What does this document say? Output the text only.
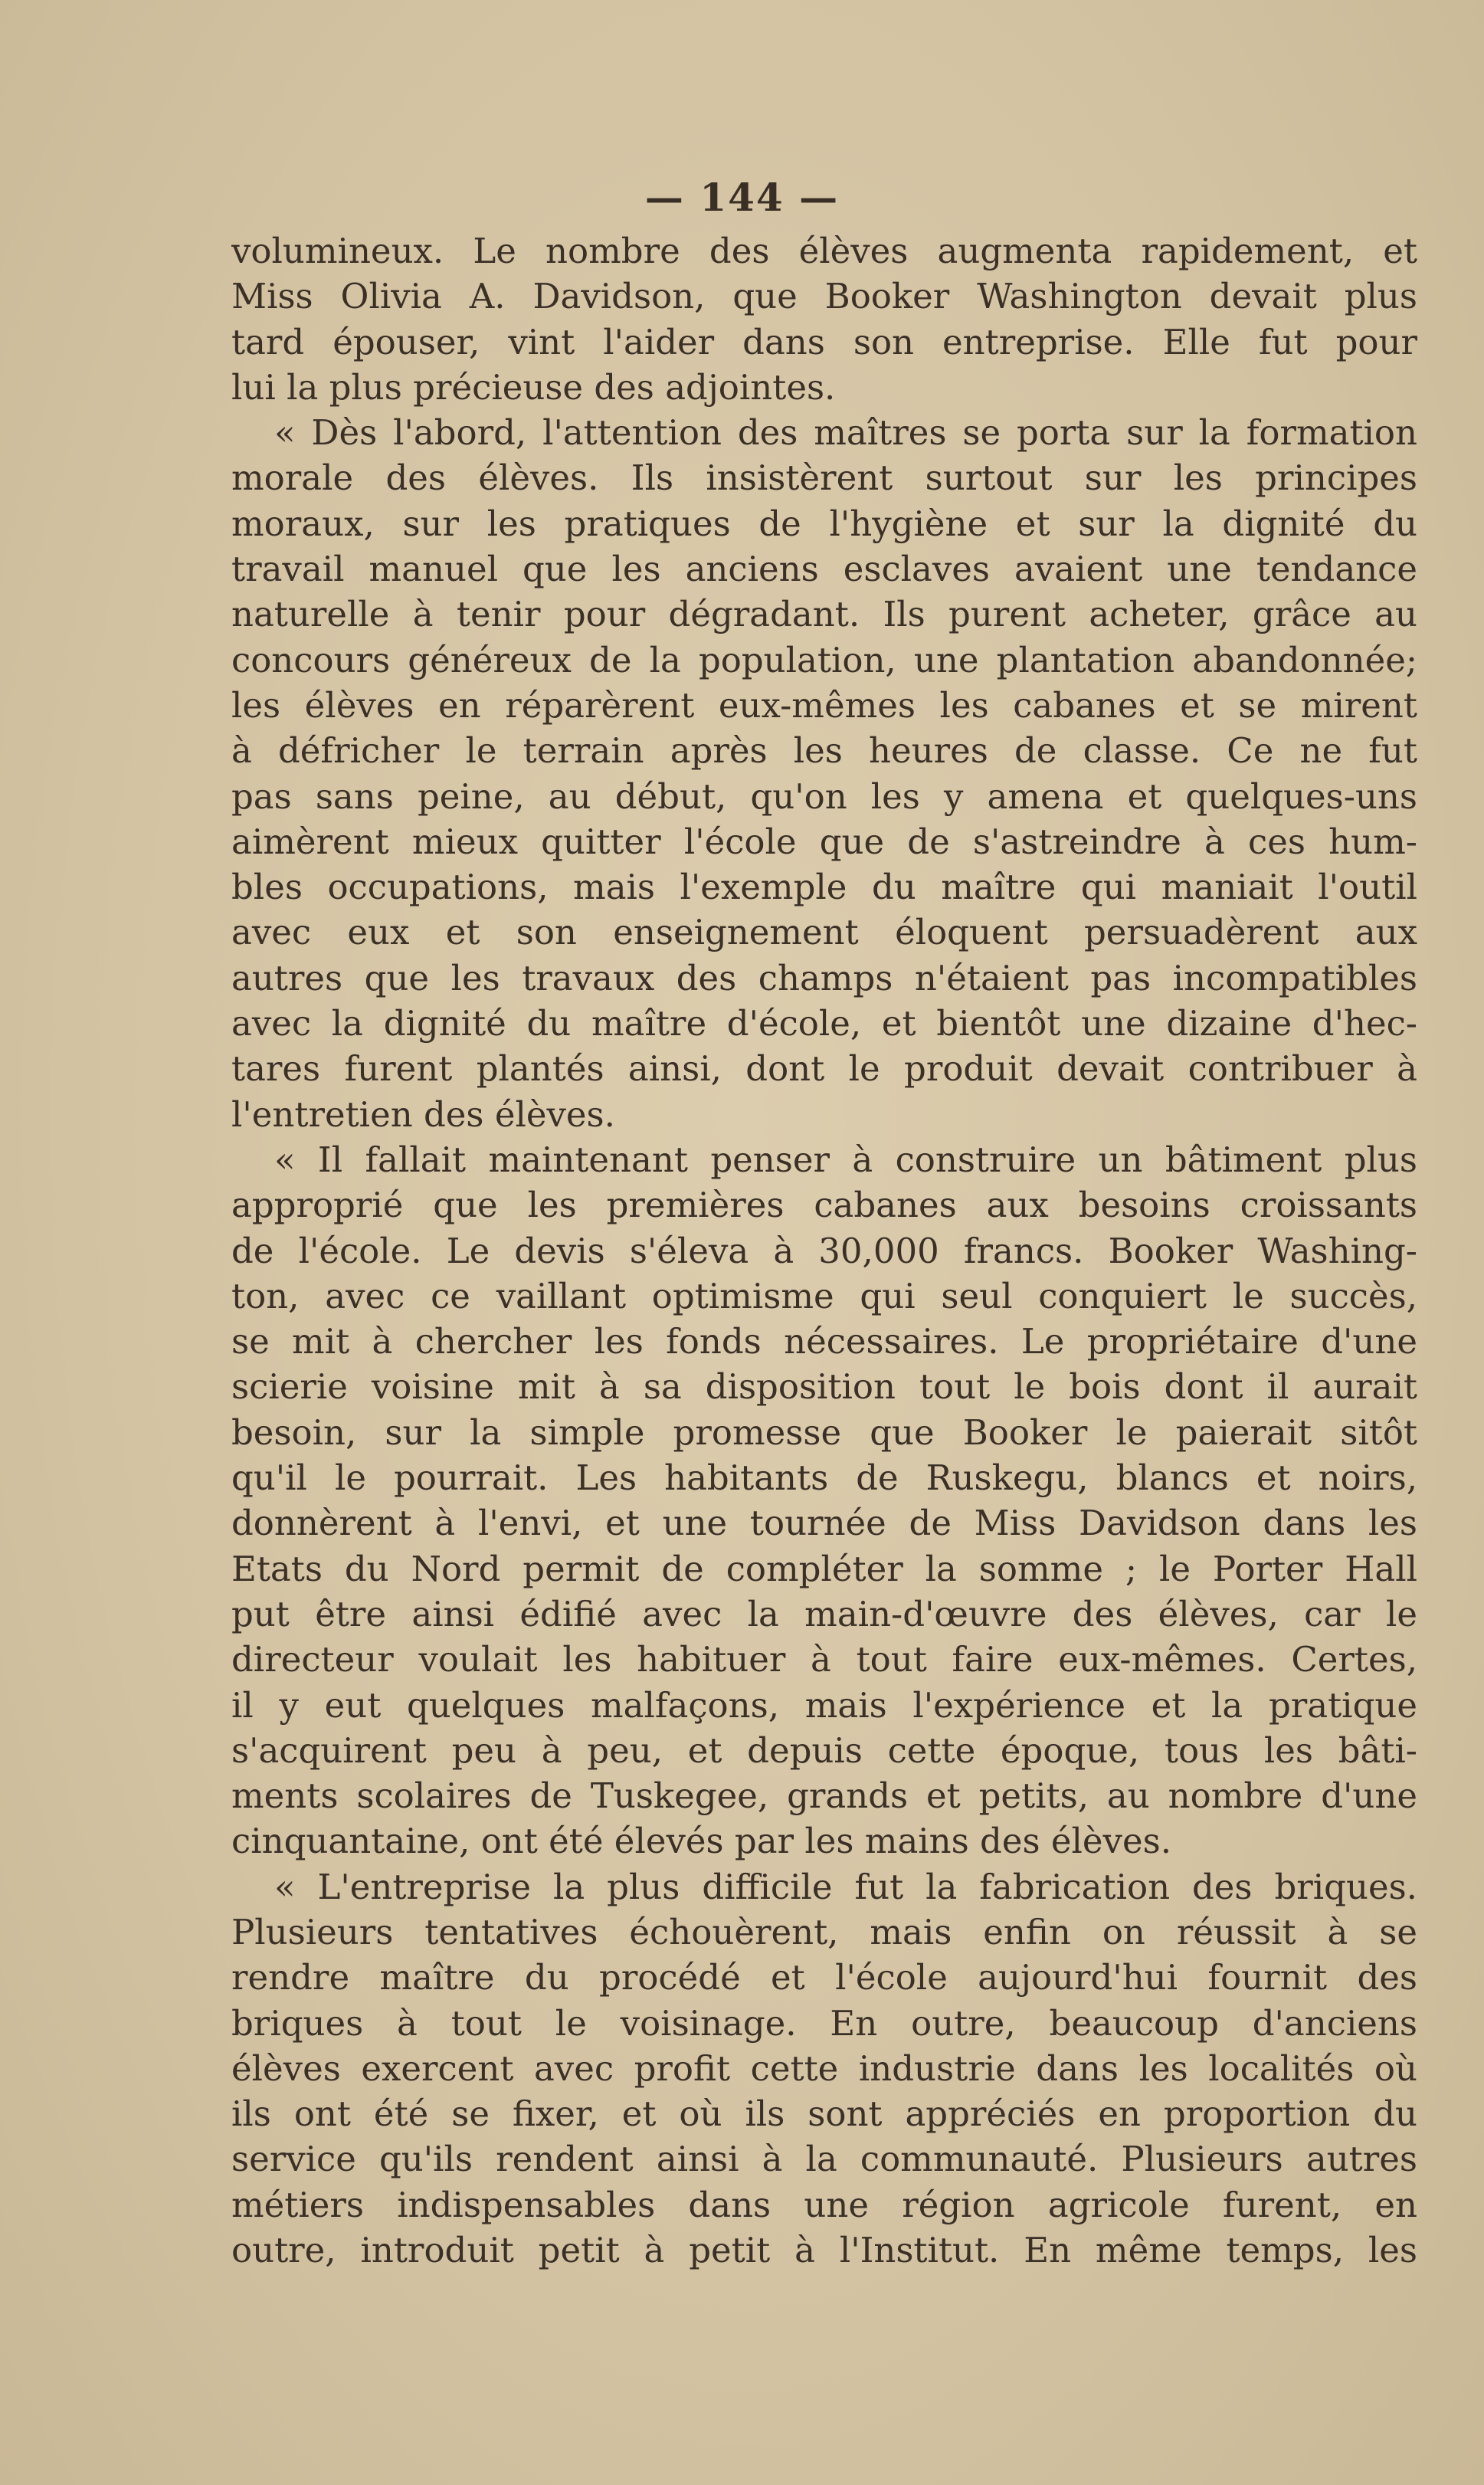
— 144 —
volumineux. Le nombre des élèves augmenta rapidement, et
Miss Olivia A. Davidson, que Booker Washington devait plus
tard épouser, vint l'aider dans son entreprise. Elle fut pour
lui la plus précieuse des adjointes.
« Dès l'abord, l'attention des maîtres se porta sur la formation
morale des élèves. Ils insistèrent surtout sur les principes
moraux, sur les pratiques de l'hygiène et sur la dignité du
travail manuel que les anciens esclaves avaient une tendance
naturelle à tenir pour dégradant. Ils purent acheter, grâce au
concours généreux de la population, une plantation abandonnée;
les élèves en réparèrent eux-mêmes les cabanes et se mirent
à défricher le terrain après les heures de classe. Ce ne fut
pas sans peine, au début, qu'on les y amena et quelques-uns
aimèrent mieux quitter l'école que de s'astreindre à ces hum-
bles occupations, mais l'exemple du maître qui maniait l'outil
avec eux et son enseignement éloquent persuadèrent aux
autres que les travaux des champs n'étaient pas incompatibles
avec la dignité du maître d'école, et bientôt une dizaine d'hec-
tares furent plantés ainsi, dont le produit devait contribuer à
l'entretien des élèves.
« Il fallait maintenant penser à construire un bâtiment plus
approprié que les premières cabanes aux besoins croissants
de l'école. Le devis s'éleva à 30,000 francs. Booker Washing-
ton, avec ce vaillant optimisme qui seul conquiert le succès,
se mit à chercher les fonds nécessaires. Le propriétaire d'une
scierie voisine mit à sa disposition tout le bois dont il aurait
besoin, sur la simple promesse que Booker le paierait sitôt
qu'il le pourrait. Les habitants de Ruskegu, blancs et noirs,
donnèrent à l'envi, et une tournée de Miss Davidson dans les
Etats du Nord permit de compléter la somme ; le Porter Hall
put être ainsi édifié avec la main-d'œuvre des élèves, car le
directeur voulait les habituer à tout faire eux-mêmes. Certes,
il y eut quelques malfaçons, mais l'expérience et la pratique
s'acquirent peu à peu, et depuis cette époque, tous les bâti-
ments scolaires de Tuskegee, grands et petits, au nombre d'une
cinquantaine, ont été élevés par les mains des élèves.
« L'entreprise la plus difficile fut la fabrication des briques.
Plusieurs tentatives échouèrent, mais enfin on réussit à se
rendre maître du procédé et l'école aujourd'hui fournit des
briques à tout le voisinage. En outre, beaucoup d'anciens
élèves exercent avec profit cette industrie dans les localités où
ils ont été se fixer, et où ils sont appréciés en proportion du
service qu'ils rendent ainsi à la communauté. Plusieurs autres
métiers indispensables dans une région agricole furent, en
outre, introduit petit à petit à l'Institut. En même temps, les
